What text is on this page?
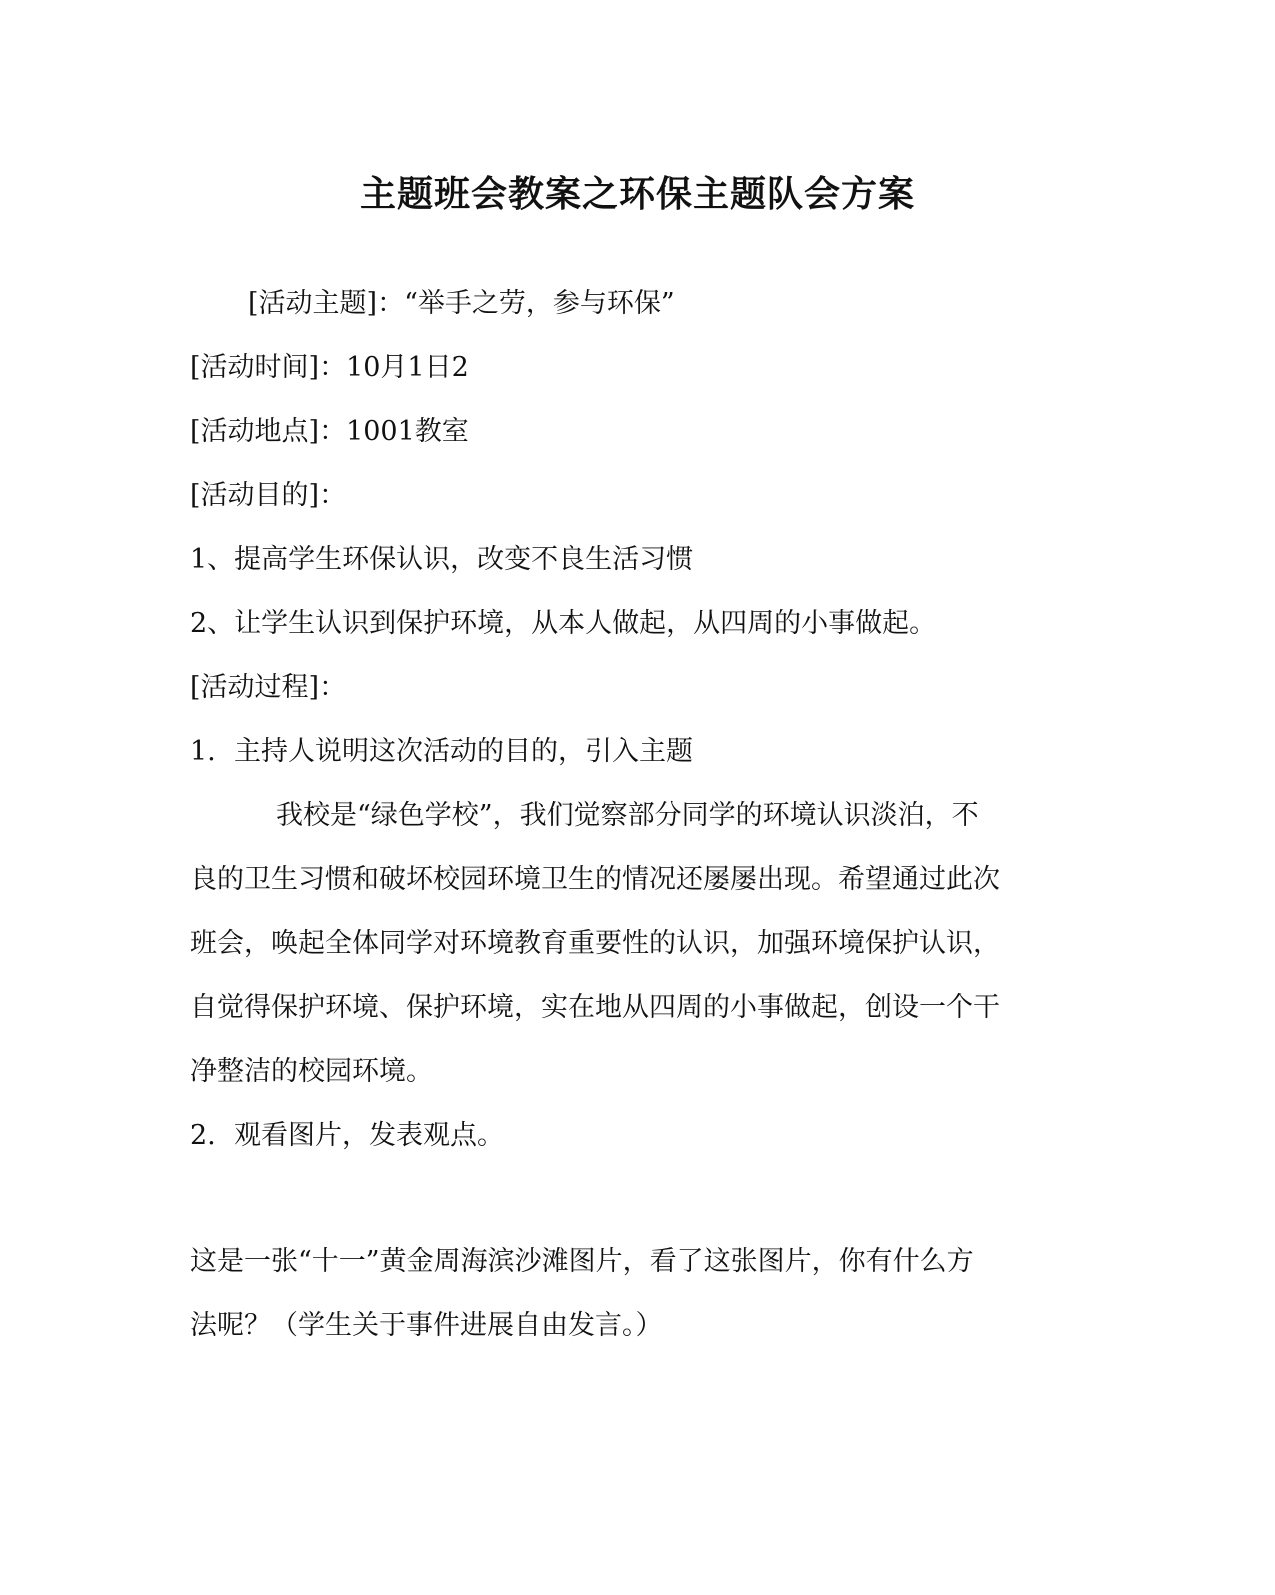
主题班会教案之环保主题队会方案
[活动主题]：“举手之劳，参与环保”
[活动时间]：10月1日2
[活动地点]：1001教室
[活动目的]：
1、提高学生环保认识，改变不良生活习惯
2、让学生认识到保护环境，从本人做起，从四周的小事做起。
[活动过程]：
1. 主持人说明这次活动的目的，引入主题
我校是“绿色学校”，我们觉察部分同学的环境认识淡泊，不
良的卫生习惯和破坏校园环境卫生的情况还屡屡出现。希望通过此次
班会，唤起全体同学对环境教育重要性的认识，加强环境保护认识，
自觉得保护环境、保护环境，实在地从四周的小事做起，创设一个干
净整洁的校园环境。
2. 观看图片，发表观点。
这是一张“十一”黄金周海滨沙滩图片，看了这张图片，你有什么方
法呢？（学生关于事件进展自由发言。）
